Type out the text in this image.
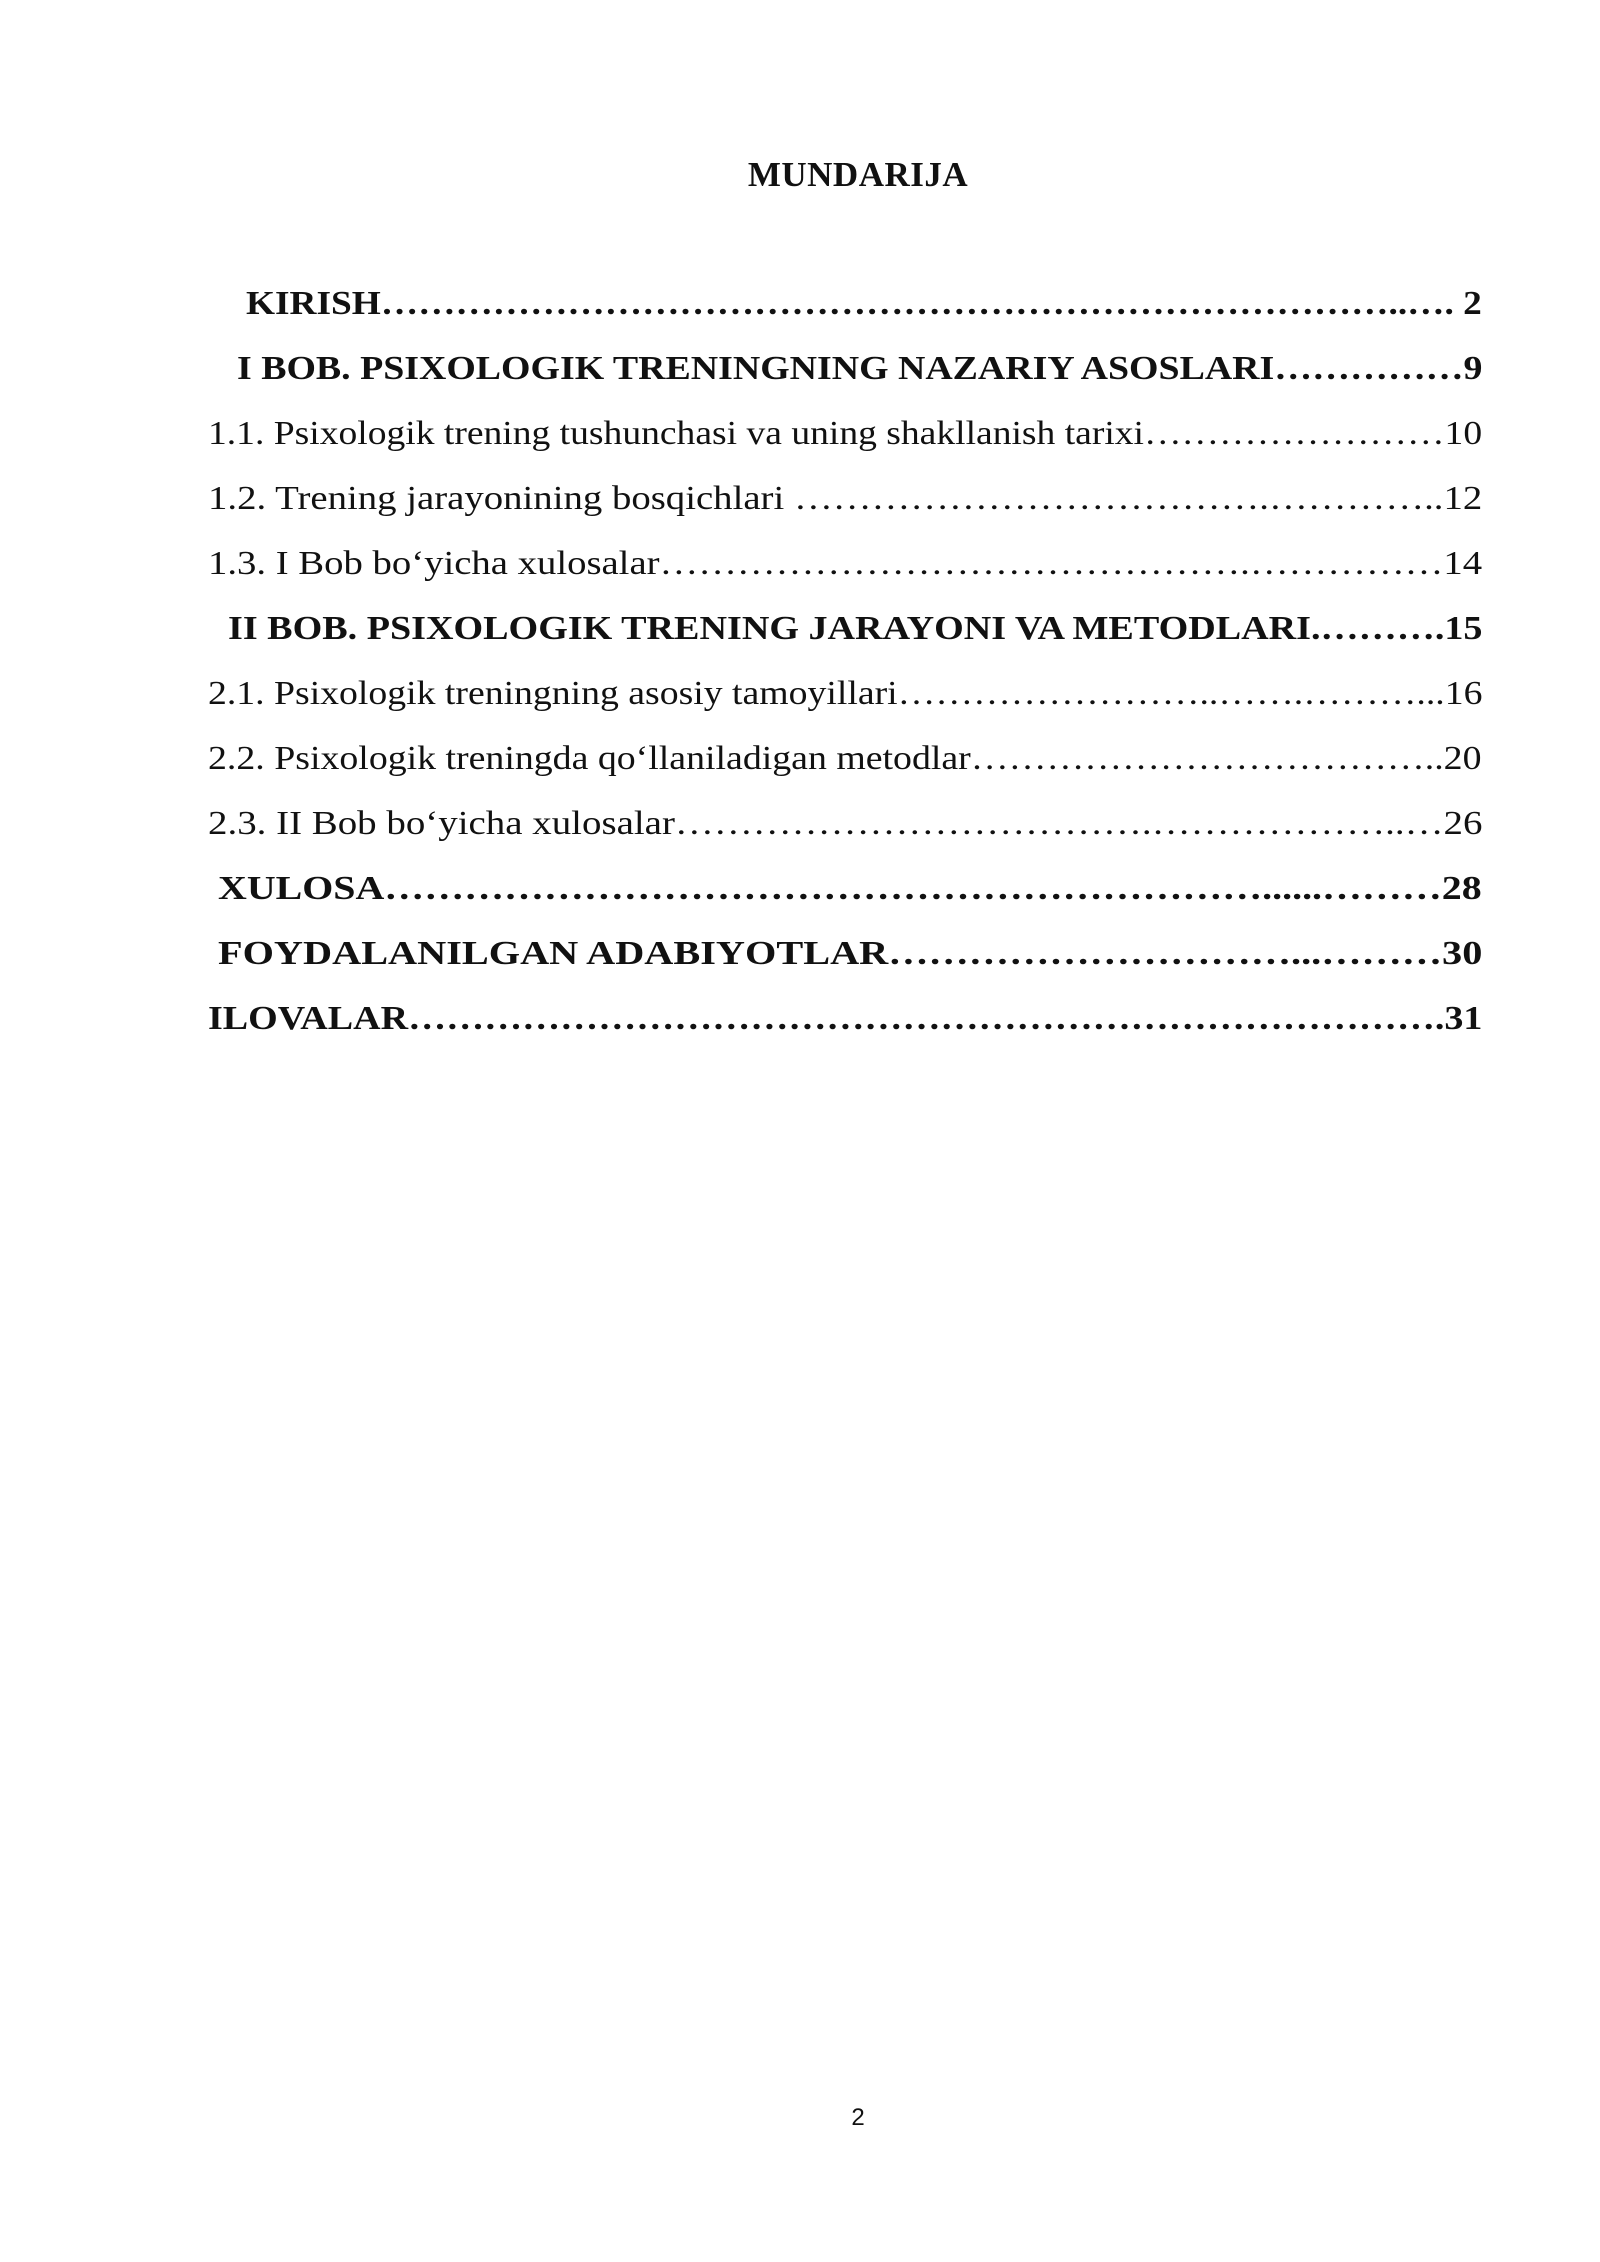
MUNDARIJA
KIRISH………………………………………………………………………..…. 2
I BOB. PSIXOLOGIK TRENINGNING NAZARIY ASOSLARI……………9
1.1. Psixologik trening tushunchasi va uning shakllanish tarixi……………………10
1.2. Trening jarayonining bosqichlari ……………………………….…………..12
1.3. I Bob bo‘yicha xulosalar……………………………………….……………14
II BOB. PSIXOLOGIK TRENING JARAYONI VA METODLARI.……….15
2.1. Psixologik treningning asosiy tamoyillari……………………..…….………...16
2.2. Psixologik treningda qo‘llaniladigan metodlar………………………………..20
2.3. II Bob bo‘yicha xulosalar……………………………….………………..…26
XULOSA…………………………………………………………......………28
FOYDALANILGAN ADABIYOTLAR…………………………...………30
ILOVALAR……………………………………………………………………….31
2
